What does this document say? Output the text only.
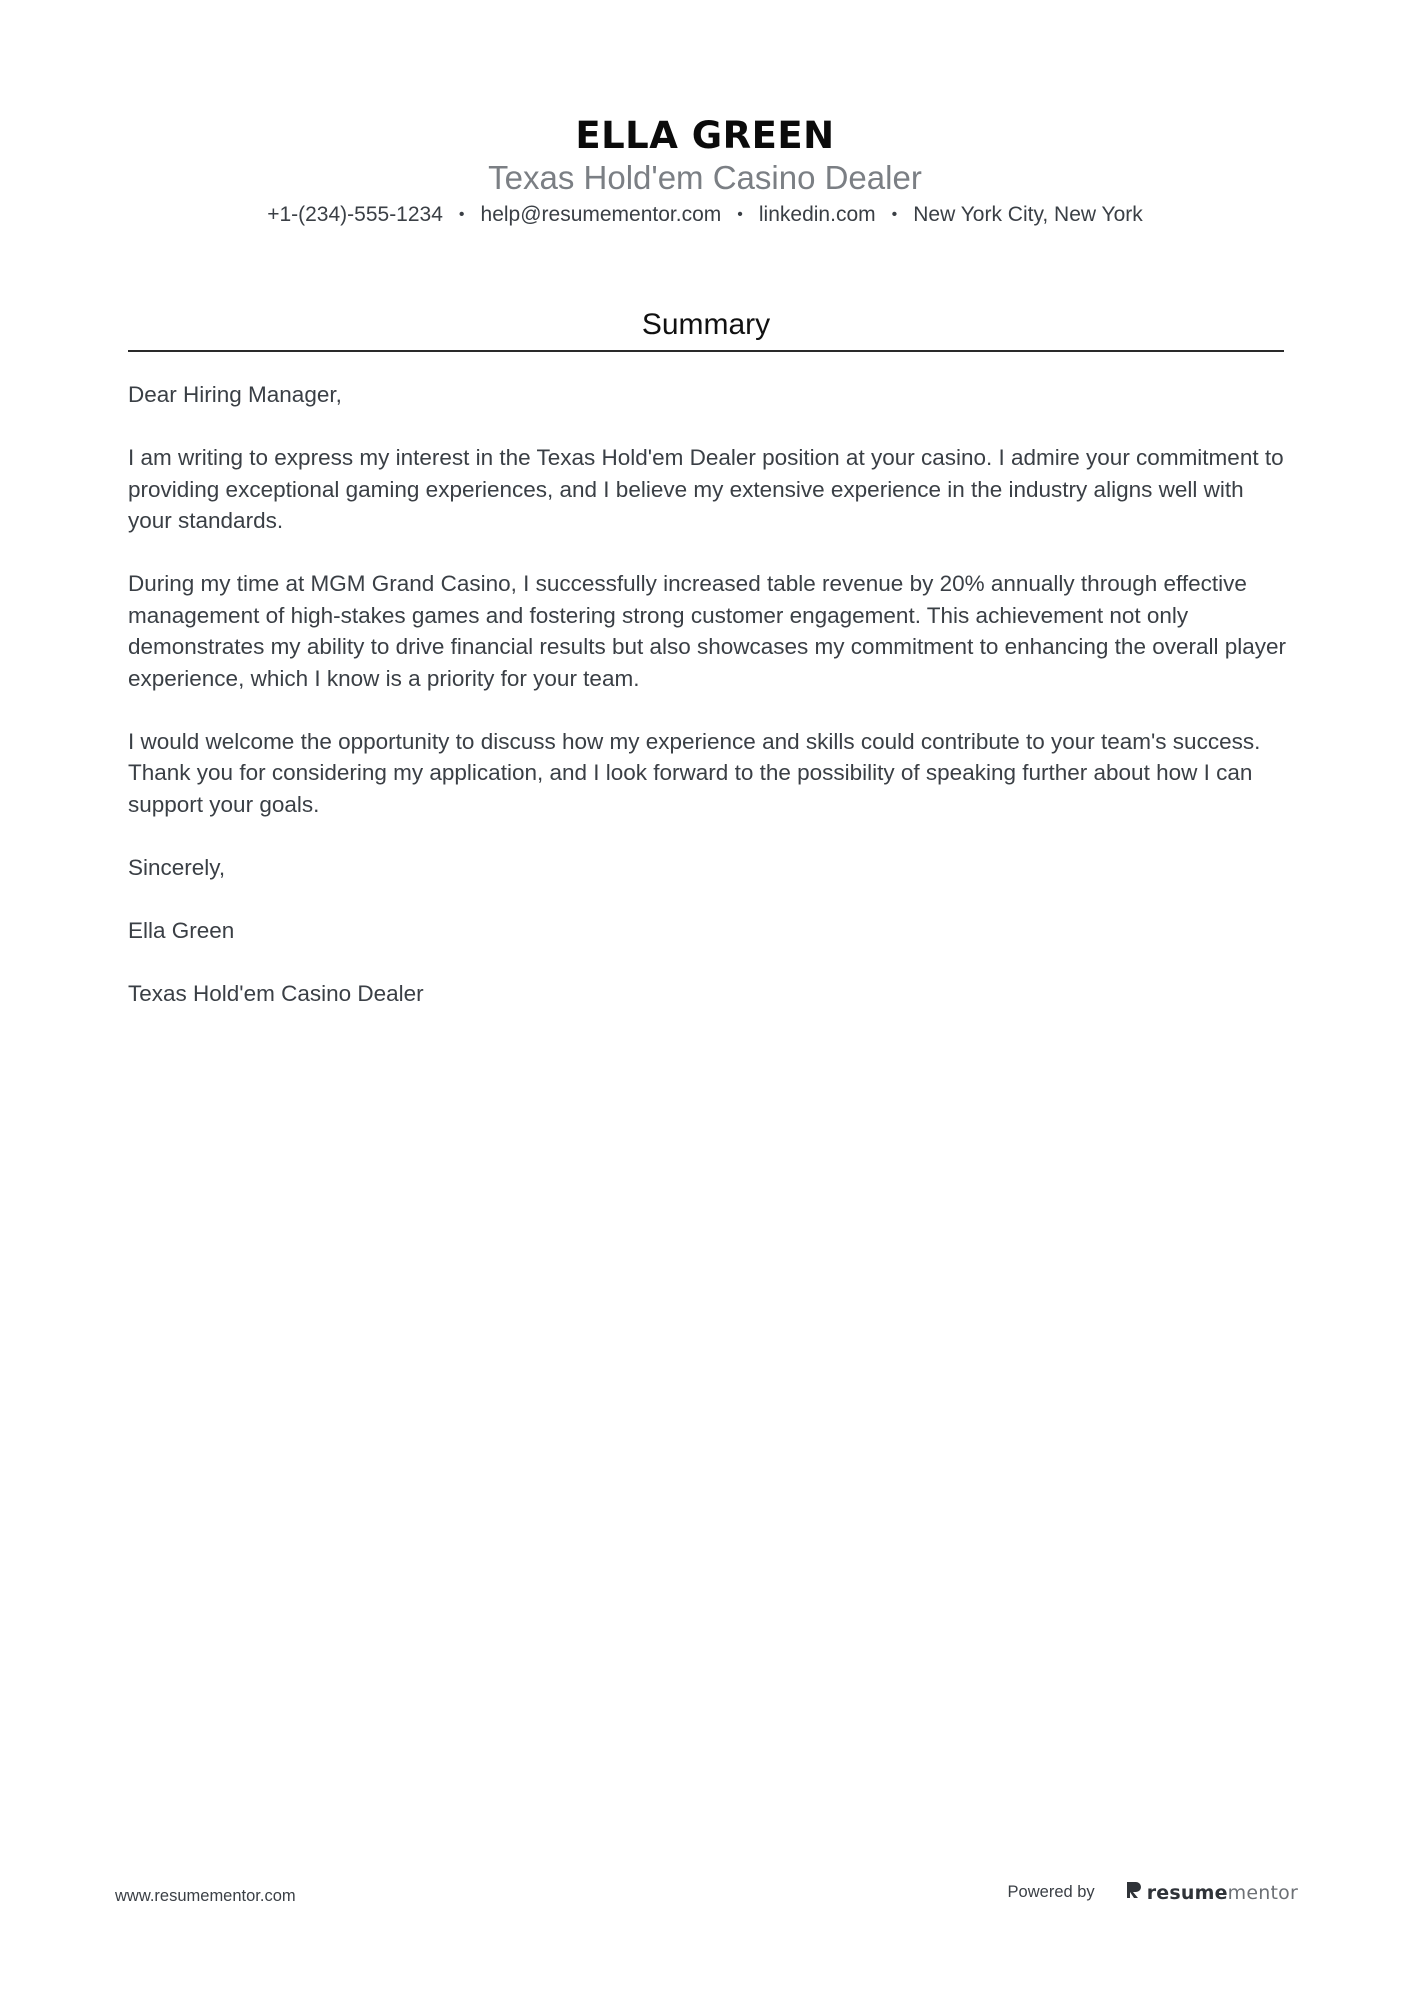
ELLA GREEN
Texas Hold'em Casino Dealer
+1-(234)-555-1234 • help@resumementor.com • linkedin.com • New York City, New York
Summary

Dear Hiring Manager,

I am writing to express my interest in the Texas Hold'em Dealer position at your casino. I admire your commitment to providing exceptional gaming experiences, and I believe my extensive experience in the industry aligns well with your standards.

During my time at MGM Grand Casino, I successfully increased table revenue by 20% annually through effective management of high-stakes games and fostering strong customer engagement. This achievement not only demonstrates my ability to drive financial results but also showcases my commitment to enhancing the overall player experience, which I know is a priority for your team.

I would welcome the opportunity to discuss how my experience and skills could contribute to your team's success. Thank you for considering my application, and I look forward to the possibility of speaking further about how I can support your goals.

Sincerely,

Ella Green

Texas Hold'em Casino Dealer

www.resumementor.com	Powered by	resume mentor
